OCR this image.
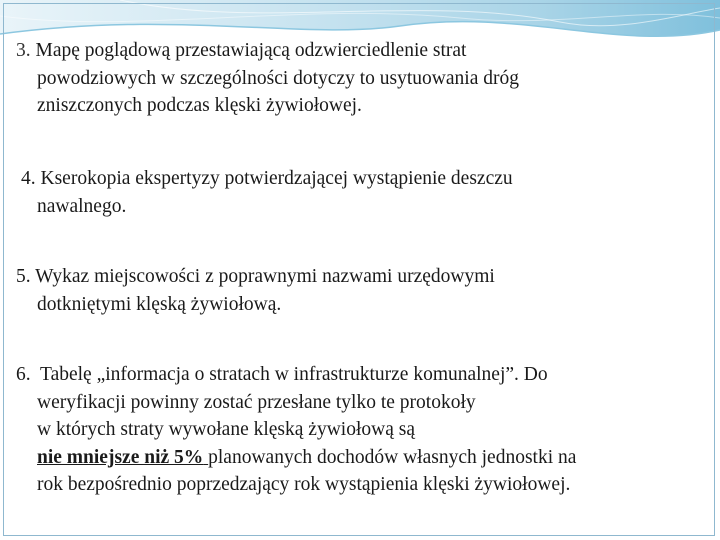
3. Mapę poglądową przestawiającą odzwierciedlenie strat
powodziowych w szczególności dotyczy to usytuowania dróg
zniszczonych podczas klęski żywiołowej.
4. Kserokopia ekspertyzy potwierdzającej wystąpienie deszczu
nawalnego.
5. Wykaz miejscowości z poprawnymi nazwami urzędowymi
dotkniętymi klęską żywiołową.
6. Tabelę „informacja o stratach w infrastrukturze komunalnej”. Do
weryfikacji powinny zostać przesłane tylko te protokoły
w których straty wywołane klęską żywiołową są
nie mniejsze niż 5% planowanych dochodów własnych jednostki na
rok bezpośrednio poprzedzający rok wystąpienia klęski żywiołowej.
